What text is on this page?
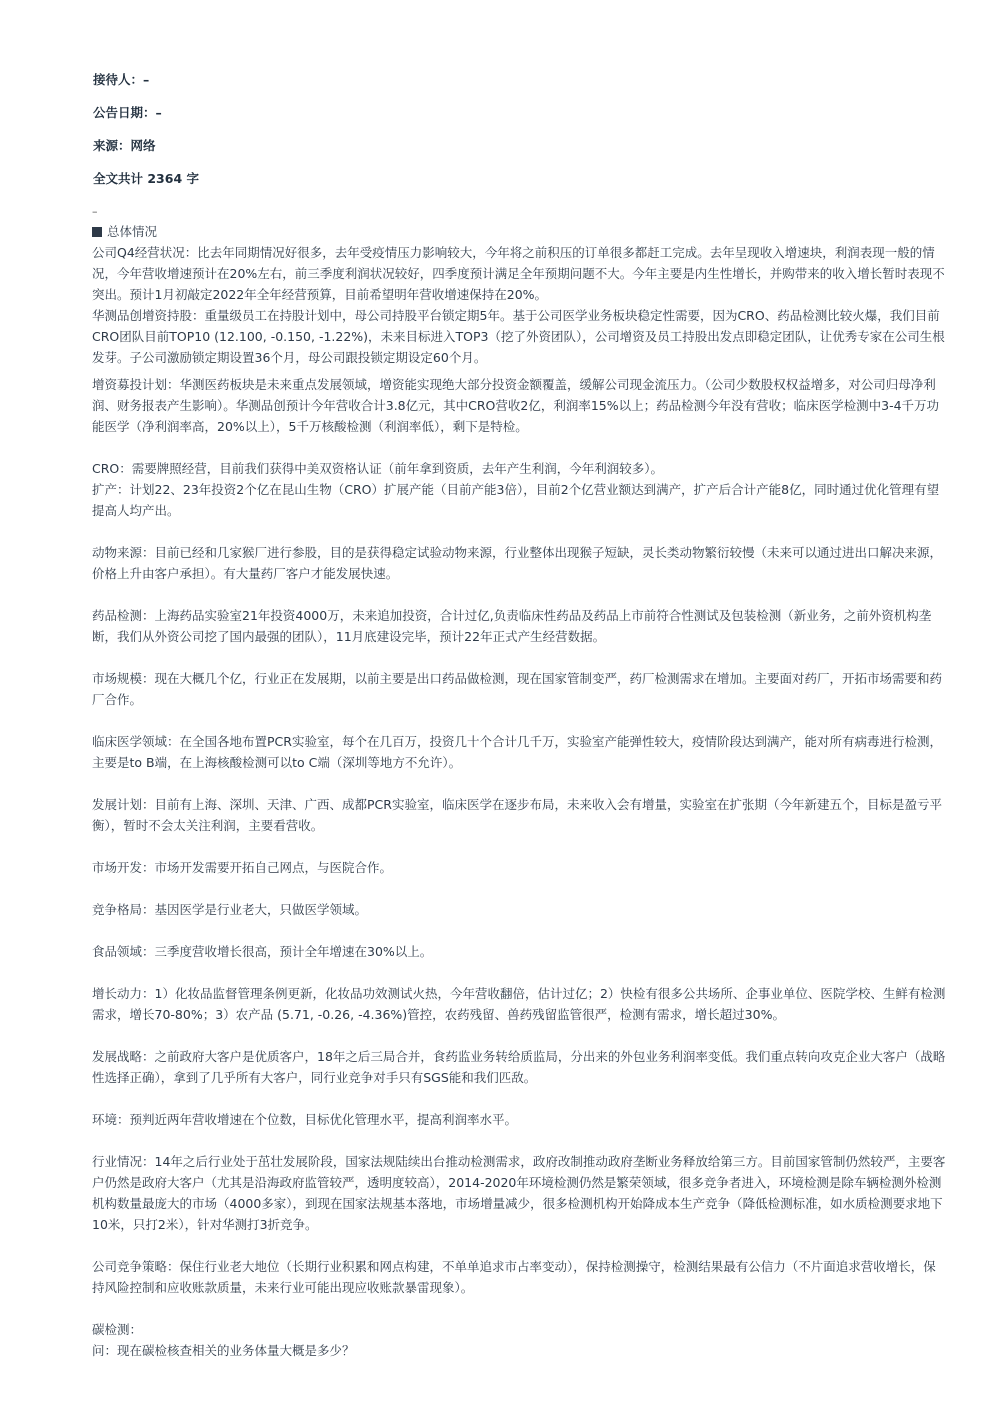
接待人：–
公告日期：–
来源：网络
全文共计 2364 字
–

总体情况

公司Q4经营状况：比去年同期情况好很多，去年受疫情压力影响较大，今年将之前积压的订单很多都赶工完成。去年呈现收入增速块，利润表现一般的情况，今年营收增速预计在20%左右，前三季度利润状况较好，四季度预计满足全年预期问题不大。今年主要是内生性增长，并购带来的收入增长暂时表现不突出。预计1月初敲定2022年全年经营预算，目前希望明年营收增速保持在20%。

华测品创增资持股：重量级员工在持股计划中，母公司持股平台锁定期5年。基于公司医学业务板块稳定性需要，因为CRO、药品检测比较火爆，我们目前CRO团队目前TOP10 (12.100, -0.150, -1.22%)，未来目标进入TOP3（挖了外资团队），公司增资及员工持股出发点即稳定团队，让优秀专家在公司生根发芽。子公司激励锁定期设置36个月，母公司跟投锁定期设定60个月。

增资募投计划：华测医药板块是未来重点发展领域，增资能实现绝大部分投资金额覆盖，缓解公司现金流压力。（公司少数股权权益增多，对公司归母净利润、财务报表产生影响）。华测品创预计今年营收合计3.8亿元，其中CRO营收2亿，利润率15%以上；药品检测今年没有营收；临床医学检测中3-4千万功能医学（净利润率高，20%以上），5千万核酸检测（利润率低），剩下是特检。

CRO：需要牌照经营，目前我们获得中美双资格认证（前年拿到资质，去年产生利润，今年利润较多）。

扩产：计划22、23年投资2个亿在昆山生物（CRO）扩展产能（目前产能3倍），目前2个亿营业额达到满产，扩产后合计产能8亿，同时通过优化管理有望提高人均产出。

动物来源：目前已经和几家猴厂进行参股，目的是获得稳定试验动物来源，行业整体出现猴子短缺，灵长类动物繁衍较慢（未来可以通过进出口解决来源，价格上升由客户承担）。有大量药厂客户才能发展快速。

药品检测：上海药品实验室21年投资4000万，未来追加投资，合计过亿,负责临床性药品及药品上市前符合性测试及包装检测（新业务，之前外资机构垄断，我们从外资公司挖了国内最强的团队），11月底建设完毕，预计22年正式产生经营数据。

市场规模：现在大概几个亿，行业正在发展期，以前主要是出口药品做检测，现在国家管制变严，药厂检测需求在增加。主要面对药厂，开拓市场需要和药厂合作。

临床医学领域：在全国各地布置PCR实验室，每个在几百万，投资几十个合计几千万，实验室产能弹性较大，疫情阶段达到满产，能对所有病毒进行检测，主要是to B端，在上海核酸检测可以to C端（深圳等地方不允许）。

发展计划：目前有上海、深圳、天津、广西、成都PCR实验室，临床医学在逐步布局，未来收入会有增量，实验室在扩张期（今年新建五个，目标是盈亏平衡），暂时不会太关注利润，主要看营收。

市场开发：市场开发需要开拓自己网点，与医院合作。

竞争格局：基因医学是行业老大，只做医学领域。

食品领域：三季度营收增长很高，预计全年增速在30%以上。

增长动力：1）化妆品监督管理条例更新，化妆品功效测试火热，今年营收翻倍，估计过亿；2）快检有很多公共场所、企事业单位、医院学校、生鲜有检测需求，增长70-80%；3）农产品 (5.71, -0.26, -4.36%)管控，农药残留、兽药残留监管很严，检测有需求，增长超过30%。

发展战略：之前政府大客户是优质客户，18年之后三局合并，食药监业务转给质监局，分出来的外包业务利润率变低。我们重点转向攻克企业大客户（战略性选择正确），拿到了几乎所有大客户，同行业竞争对手只有SGS能和我们匹敌。

环境：预判近两年营收增速在个位数，目标优化管理水平，提高利润率水平。

行业情况：14年之后行业处于茁壮发展阶段，国家法规陆续出台推动检测需求，政府改制推动政府垄断业务释放给第三方。目前国家管制仍然较严，主要客户仍然是政府大客户（尤其是沿海政府监管较严，透明度较高），2014-2020年环境检测仍然是繁荣领域，很多竞争者进入，环境检测是除车辆检测外检测机构数量最庞大的市场（4000多家），到现在国家法规基本落地，市场增量减少，很多检测机构开始降成本生产竞争（降低检测标准，如水质检测要求地下10米，只打2米），针对华测打3折竞争。

公司竞争策略：保住行业老大地位（长期行业积累和网点构建，不单单追求市占率变动），保持检测操守，检测结果最有公信力（不片面追求营收增长，保持风险控制和应收账款质量，未来行业可能出现应收账款暴雷现象）。

碳检测：

问：现在碳检核查相关的业务体量大概是多少？
